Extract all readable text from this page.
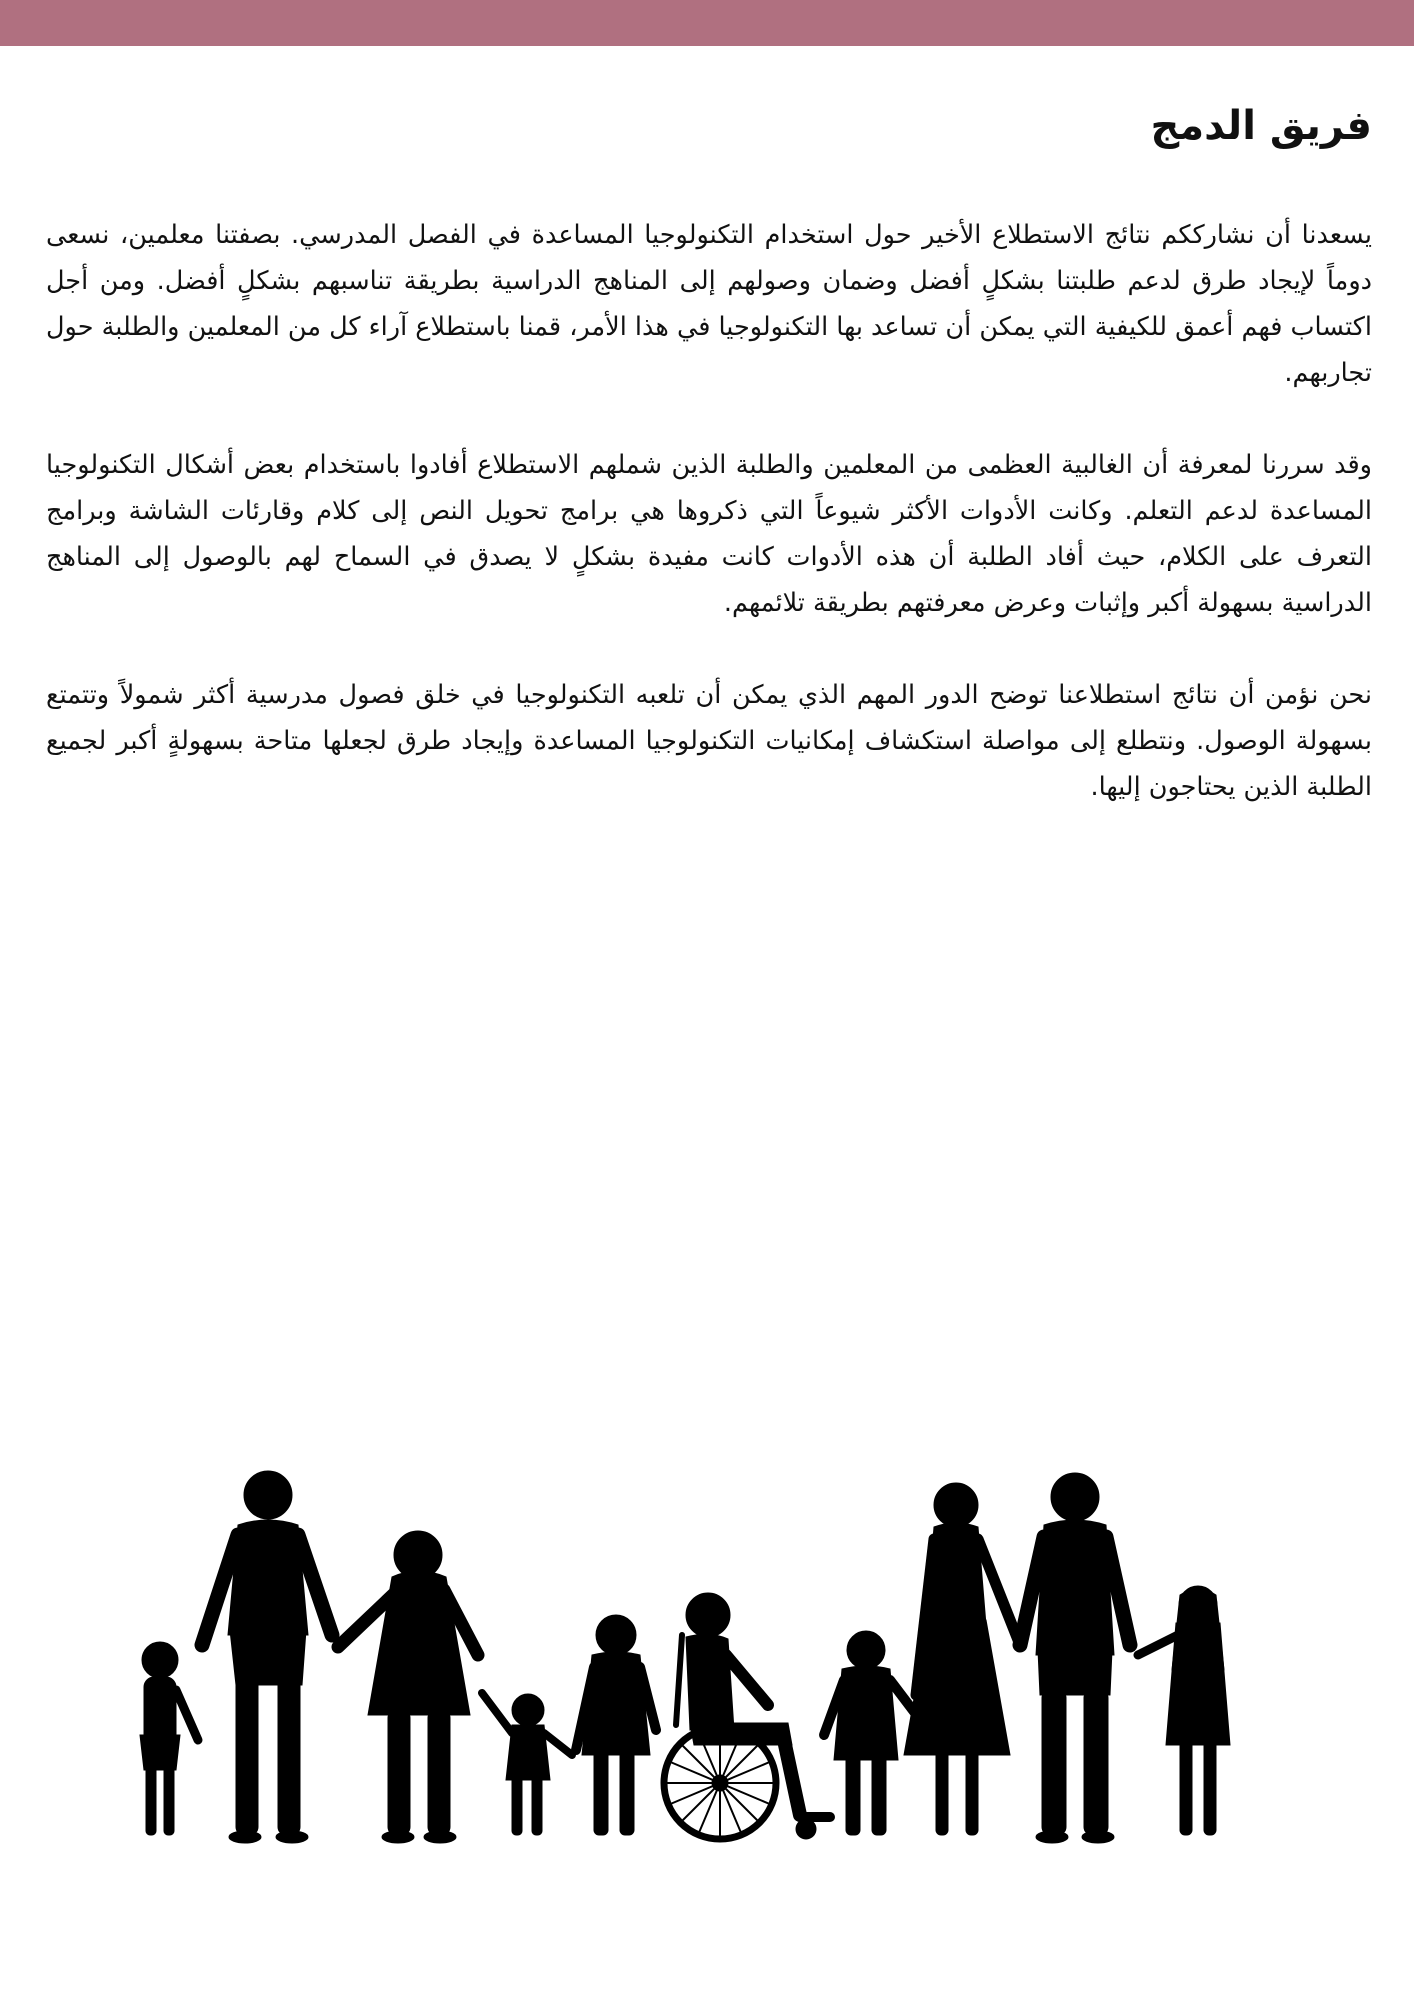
فريق الدمج

يسعدنا أن نشارككم نتائج الاستطلاع الأخير حول استخدام التكنولوجيا المساعدة في الفصل المدرسي. بصفتنا معلمين، نسعى دوماً لإيجاد طرق لدعم طلبتنا بشكلٍ أفضل وضمان وصولهم إلى المناهج الدراسية بطريقة تناسبهم بشكلٍ أفضل. ومن أجل اكتساب فهم أعمق للكيفية التي يمكن أن تساعد بها التكنولوجيا في هذا الأمر، قمنا باستطلاع آراء كل من المعلمين والطلبة حول تجاربهم.

وقد سررنا لمعرفة أن الغالبية العظمى من المعلمين والطلبة الذين شملهم الاستطلاع أفادوا باستخدام بعض أشكال التكنولوجيا المساعدة لدعم التعلم. وكانت الأدوات الأكثر شيوعاً التي ذكروها هي برامج تحويل النص إلى كلام وقارئات الشاشة وبرامج التعرف على الكلام، حيث أفاد الطلبة أن هذه الأدوات كانت مفيدة بشكلٍ لا يصدق في السماح لهم بالوصول إلى المناهج الدراسية بسهولة أكبر وإثبات وعرض معرفتهم بطريقة تلائمهم.

نحن نؤمن أن نتائج استطلاعنا توضح الدور المهم الذي يمكن أن تلعبه التكنولوجيا في خلق فصول مدرسية أكثر شمولاً وتتمتع بسهولة الوصول. ونتطلع إلى مواصلة استكشاف إمكانيات التكنولوجيا المساعدة وإيجاد طرق لجعلها متاحة بسهولةٍ أكبر لجميع الطلبة الذين يحتاجون إليها.
